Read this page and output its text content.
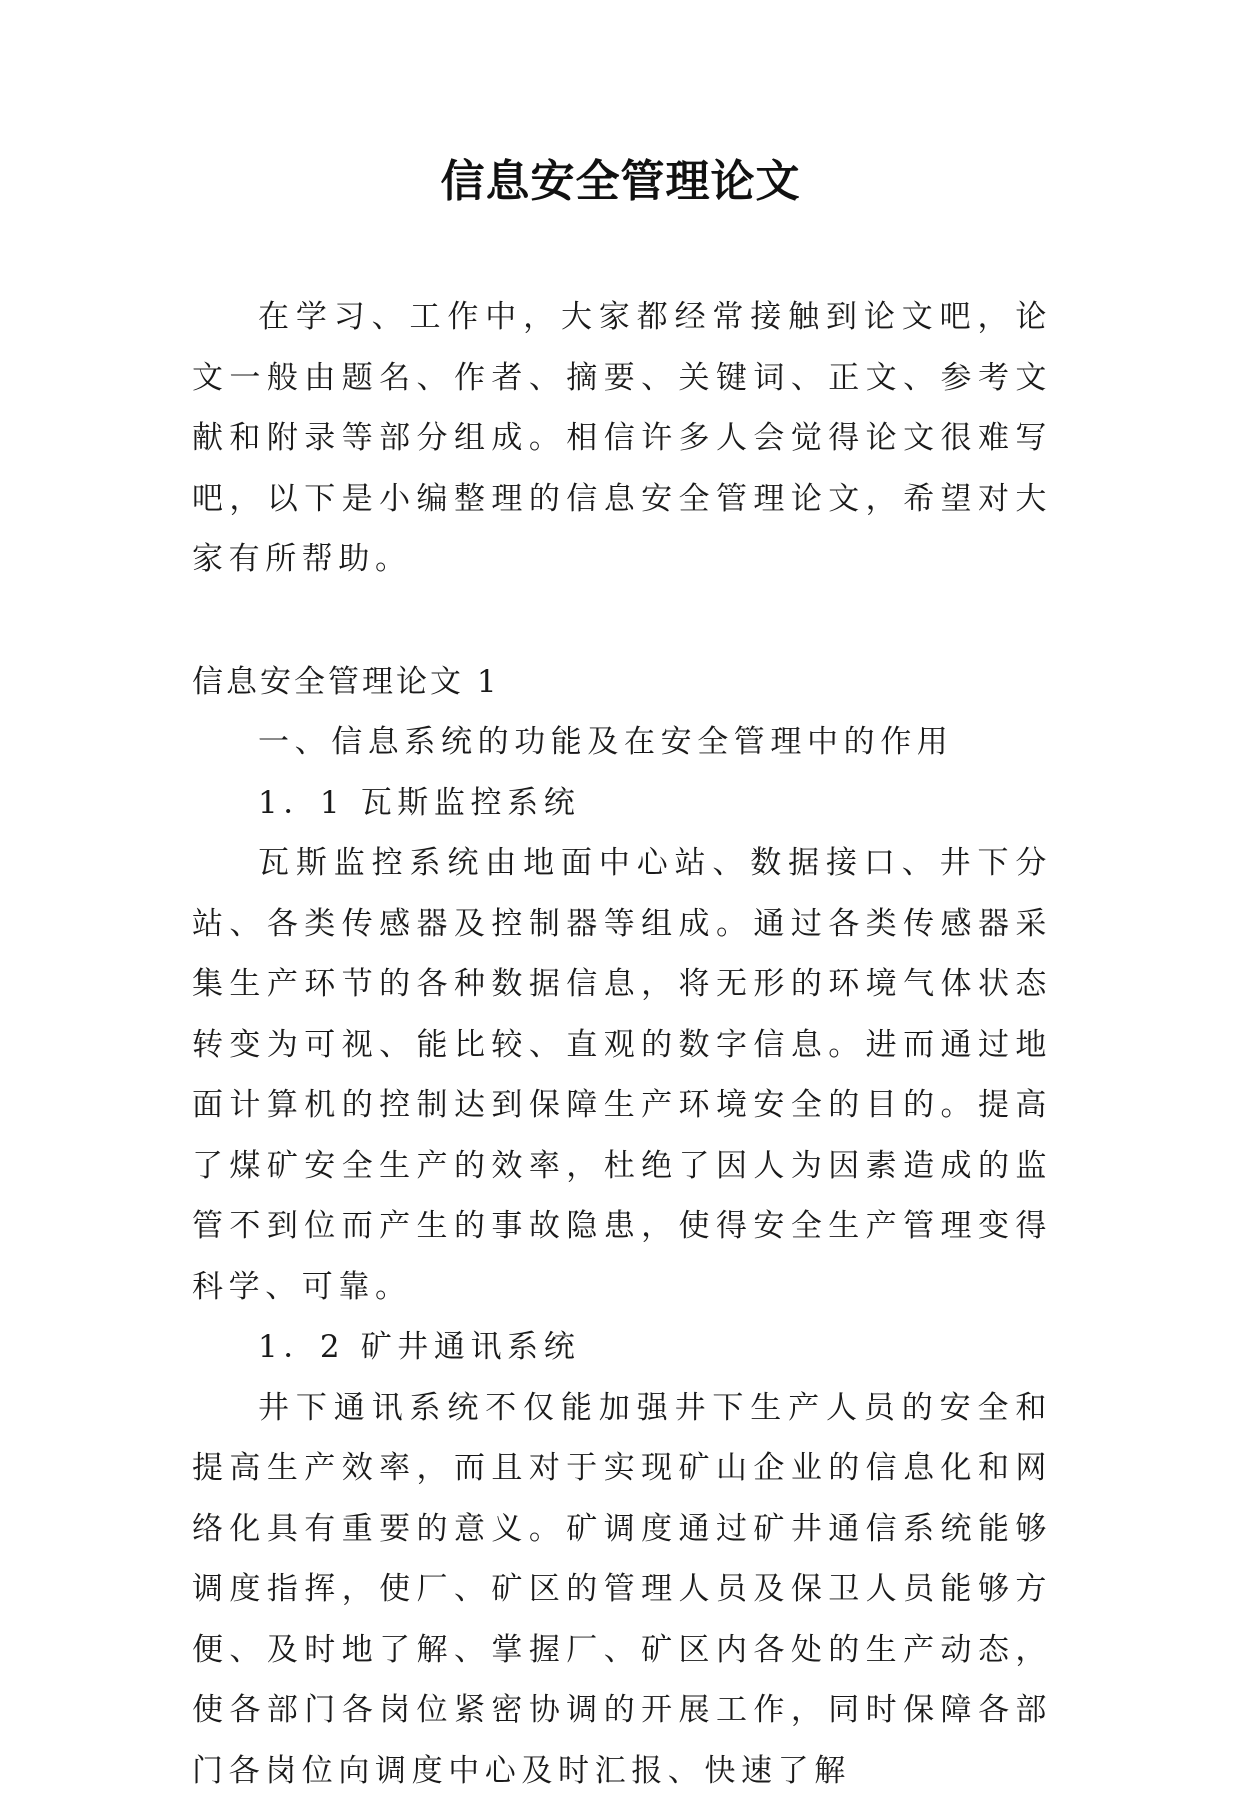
信息安全管理论文

在学习、工作中，大家都经常接触到论文吧，论文一般由题名、作者、摘要、关键词、正文、参考文献和附录等部分组成。相信许多人会觉得论文很难写吧，以下是小编整理的信息安全管理论文，希望对大家有所帮助。

信息安全管理论文 1

一、信息系统的功能及在安全管理中的作用

1．1 瓦斯监控系统

瓦斯监控系统由地面中心站、数据接口、井下分站、各类传感器及控制器等组成。通过各类传感器采集生产环节的各种数据信息，将无形的环境气体状态转变为可视、能比较、直观的数字信息。进而通过地面计算机的控制达到保障生产环境安全的目的。提高了煤矿安全生产的效率，杜绝了因人为因素造成的监管不到位而产生的事故隐患，使得安全生产管理变得科学、可靠。

1．2 矿井通讯系统

井下通讯系统不仅能加强井下生产人员的安全和提高生产效率，而且对于实现矿山企业的信息化和网络化具有重要的意义。矿调度通过矿井通信系统能够调度指挥，使厂、矿区的管理人员及保卫人员能够方便、及时地了解、掌握厂、矿区内各处的生产动态，使各部门各岗位紧密协调的开展工作，同时保障各部门各岗位向调度中心及时汇报、快速了解
